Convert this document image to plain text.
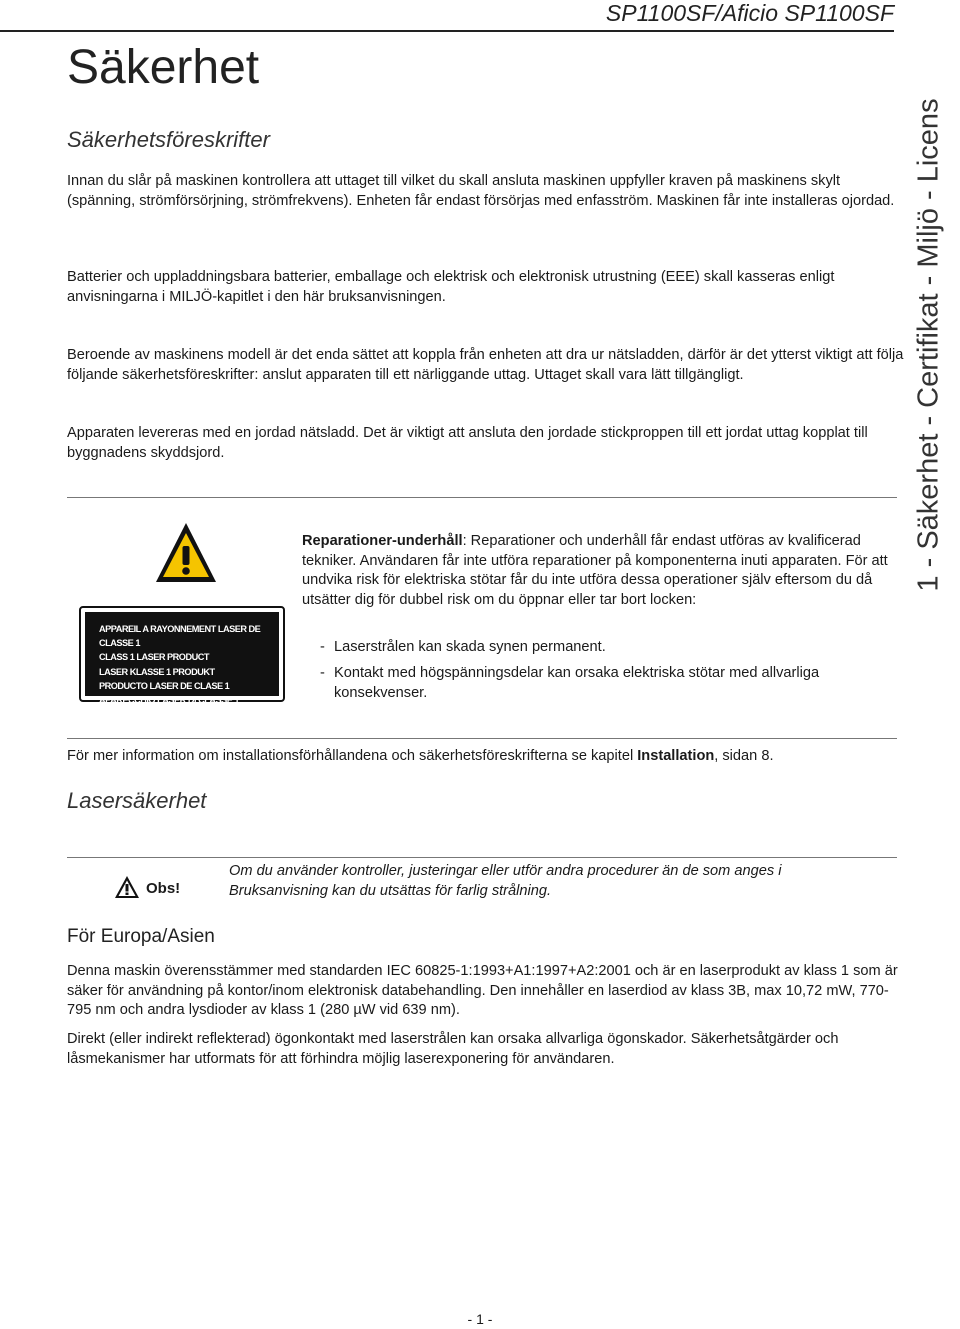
SP1100SF/Aficio SP1100SF
1 - Säkerhet - Certifikat - Miljö - Licens
Säkerhet
Säkerhetsföreskrifter
Innan du slår på maskinen kontrollera att uttaget till vilket du skall ansluta maskinen uppfyller kraven på maskinens skylt (spänning, strömförsörjning, strömfrekvens). Enheten får endast försörjas med enfasström. Maskinen får inte installeras ojordad.
Batterier och uppladdningsbara batterier, emballage och elektrisk och elektronisk utrustning (EEE) skall kasseras enligt anvisningarna i MILJÖ-kapitlet i den här bruksanvisningen.
Beroende av maskinens modell är det enda sättet att koppla från enheten att dra ur nätsladden, därför är det ytterst viktigt att följa följande säkerhetsföreskrifter: anslut apparaten till ett närliggande uttag. Uttaget skall vara lätt tillgängligt.
Apparaten levereras med en jordad nätsladd. Det är viktigt att ansluta den jordade stickproppen till ett jordat uttag kopplat till byggnadens skyddsjord.
APPAREIL A RAYONNEMENT LASER DE CLASSE 1
CLASS 1 LASER PRODUCT
LASER KLASSE 1 PRODUKT
PRODUCTO LASER DE CLASE 1
APARECCHIO LASER DI CLASSE 1
Reparationer-underhåll: Reparationer och underhåll får endast utföras av kvalificerad tekniker. Användaren får inte utföra reparationer på komponenterna inuti apparaten. För att undvika risk för elektriska stötar får du inte utföra dessa operationer själv eftersom du då utsätter dig för dubbel risk om du öppnar eller tar bort locken:
- Laserstrålen kan skada synen permanent.
- Kontakt med högspänningsdelar kan orsaka elektriska stötar med allvarliga konsekvenser.
För mer information om installationsförhållandena och säkerhetsföreskrifterna se kapitel Installation, sidan 8.
Lasersäkerhet
Obs!
Om du använder kontroller, justeringar eller utför andra procedurer än de som anges i Bruksanvisning kan du utsättas för farlig strålning.
För Europa/Asien
Denna maskin överensstämmer med standarden IEC 60825-1:1993+A1:1997+A2:2001 och är en laserprodukt av klass 1 som är säker för användning på kontor/inom elektronisk databehandling. Den innehåller en laserdiod av klass 3B, max 10,72 mW, 770-795 nm och andra lysdioder av klass 1 (280 µW vid 639 nm).
Direkt (eller indirekt reflekterad) ögonkontakt med laserstrålen kan orsaka allvarliga ögonskador. Säkerhetsåtgärder och låsmekanismer har utformats för att förhindra möjlig laserexponering för användaren.
- 1 -
